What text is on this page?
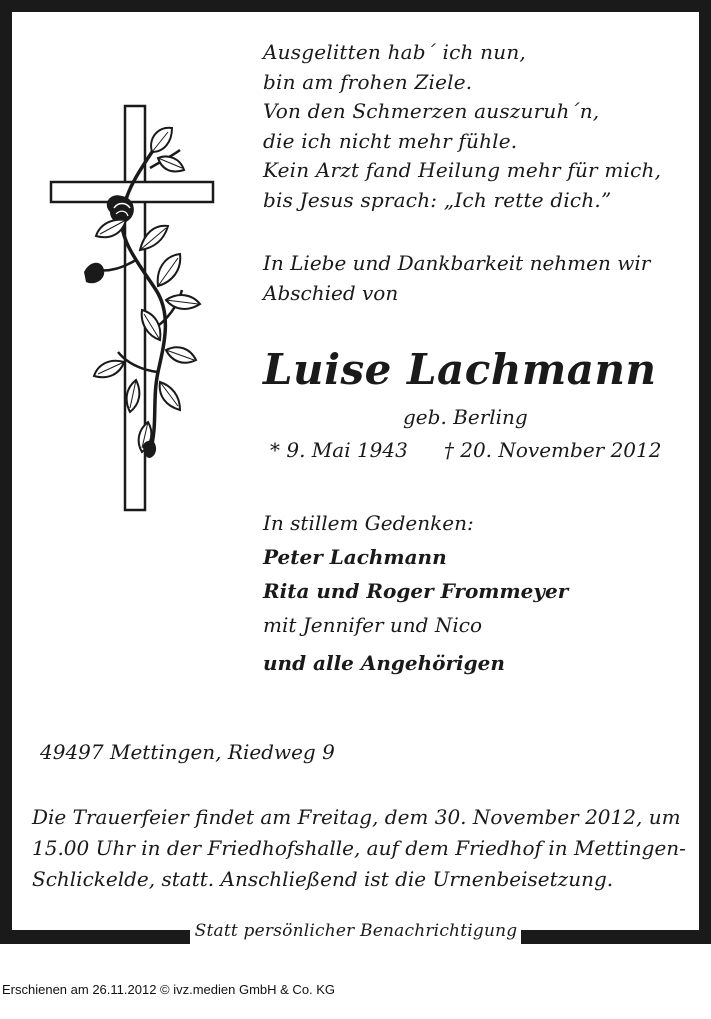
Ausgelitten hab´ ich nun,
bin am frohen Ziele.
Von den Schmerzen auszuruh´n,
die ich nicht mehr fühle.
Kein Arzt fand Heilung mehr für mich,
bis Jesus sprach: „Ich rette dich.”
In Liebe und Dankbarkeit nehmen wir
Abschied von
Luise Lachmann
geb. Berling
* 9. Mai 1943 † 20. November 2012
In stillem Gedenken:
Peter Lachmann
Rita und Roger Frommeyer
mit Jennifer und Nico
und alle Angehörigen
49497 Mettingen, Riedweg 9
Die Trauerfeier findet am Freitag, dem 30. November 2012, um
15.00 Uhr in der Friedhofshalle, auf dem Friedhof in Mettingen-
Schlickelde, statt. Anschließend ist die Urnenbeisetzung.
Statt persönlicher Benachrichtigung
Erschienen am 26.11.2012 © ivz.medien GmbH & Co. KG
